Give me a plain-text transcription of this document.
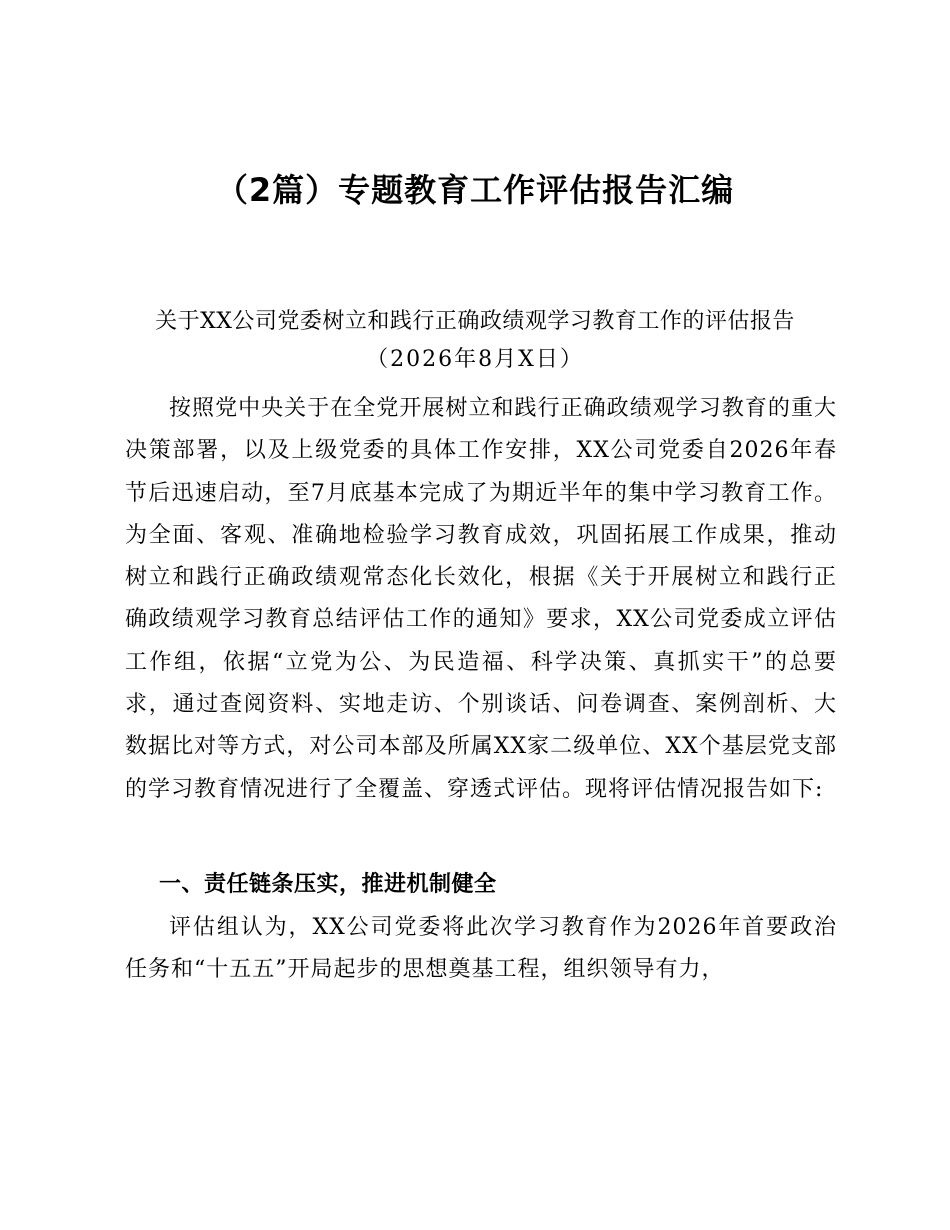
（2篇）专题教育工作评估报告汇编

关于XX公司党委树立和践行正确政绩观学习教育工作的评估报告

（2026年8月X日）

按照党中央关于在全党开展树立和践行正确政绩观学习教育的重大决策部署，以及上级党委的具体工作安排，XX公司党委自2026年春节后迅速启动，至7月底基本完成了为期近半年的集中学习教育工作。为全面、客观、准确地检验学习教育成效，巩固拓展工作成果，推动树立和践行正确政绩观常态化长效化，根据《关于开展树立和践行正确政绩观学习教育总结评估工作的通知》要求，XX公司党委成立评估工作组，依据“立党为公、为民造福、科学决策、真抓实干”的总要求，通过查阅资料、实地走访、个别谈话、问卷调查、案例剖析、大数据比对等方式，对公司本部及所属XX家二级单位、XX个基层党支部的学习教育情况进行了全覆盖、穿透式评估。现将评估情况报告如下:

一、责任链条压实，推进机制健全

评估组认为，XX公司党委将此次学习教育作为2026年首要政治任务和“十五五”开局起步的思想奠基工程，组织领导有力，
